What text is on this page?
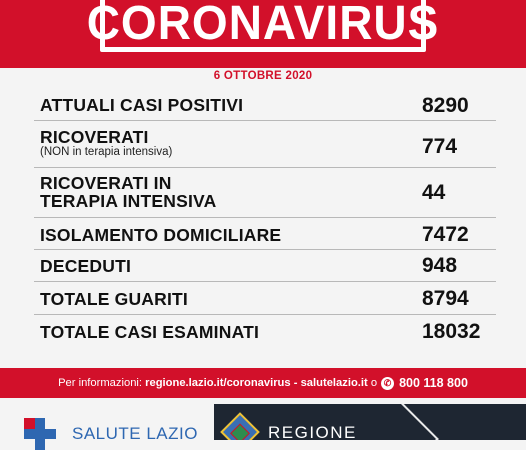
CORONAVIRUS
6 OTTOBRE 2020
ATTUALI CASI POSITIVI	8290
RICOVERATI
(NON in terapia intensiva)	774
RICOVERATI IN
TERAPIA INTENSIVA	44
ISOLAMENTO DOMICILIARE	7472
DECEDUTI	948
TOTALE GUARITI	8794
TOTALE CASI ESAMINATI	18032
Per informazioni:
regione.lazio.it/coronavirus
-
salutelazio.it
o ✆ 800 118 800
SALUTE LAZIO	REGIONE
